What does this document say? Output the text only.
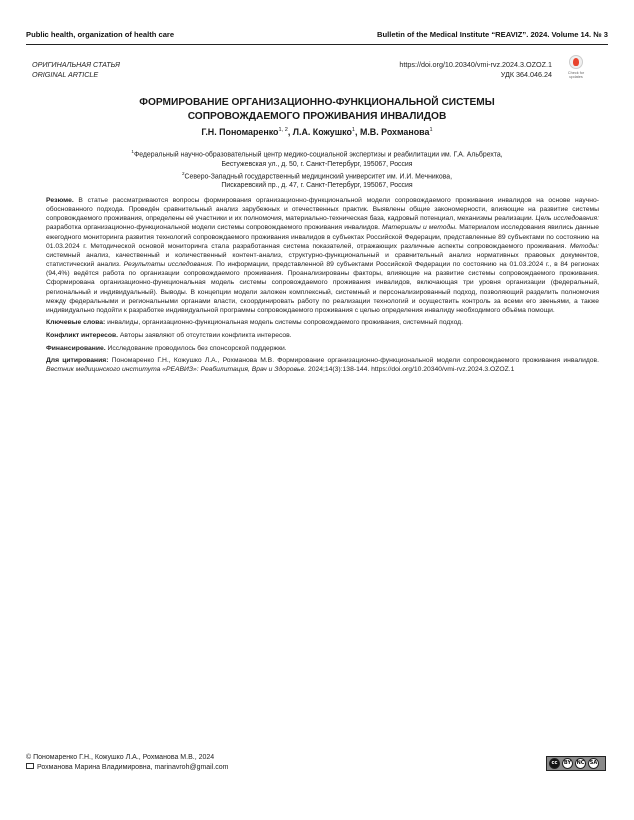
Public health, organization of health care	Bulletin of the Medical Institute “REAVIZ”. 2024. Volume 14. № 3
ОРИГИНАЛЬНАЯ СТАТЬЯ
ORIGINAL ARTICLE
https://doi.org/10.20340/vmi-rvz.2024.3.OZOZ.1
УДК 364.046.24	Check for
updates
ФОРМИРОВАНИЕ ОРГАНИЗАЦИОННО-ФУНКЦИОНАЛЬНОЙ СИСТЕМЫ
СОПРОВОЖДАЕМОГО ПРОЖИВАНИЯ ИНВАЛИДОВ
Г.Н. Пономаренко$^{1, 2}$, Л.А. Кожушко$^1$, М.В. Рохманова$^1$
$^1$Федеральный научно-образовательный центр медико-социальной экспертизы и реабилитации им. Г.А. Альбрехта,
Бестужевская ул., д. 50, г. Санкт-Петербург, 195067, Россия
$^2$Северо-Западный государственный медицинский университет им. И.И. Мечникова,
Пискаревский пр., д. 47, г. Санкт-Петербург, 195067, Россия

Резюме. В статье рассматриваются вопросы формирования организационно-функциональной модели сопровождаемого проживания инвалидов на основе научно-обоснованного подхода. Проведён сравнительный анализ зарубежных и отечественных практик. Выявлены общие закономерности, влияющие на развитие системы сопровождаемого проживания, определены её участники и их полномочия, материально-техническая база, кадровый потенциал, механизмы реализации. Цель исследования: разработка организационно-функциональной модели системы сопровождаемого проживания инвалидов. Материалы и методы. Материалом исследования явились данные ежегодного мониторинга развития технологий сопровождаемого проживания инвалидов в субъектах Российской Федерации, представленные 89 субъектами по состоянию на 01.03.2024 г. Методической основой мониторинга стала разработанная система показателей, отражающих различные аспекты сопровождаемого проживания. Методы: системный анализ, качественный и количественный контент-анализ, структурно-функциональный и сравнительный анализ нормативных правовых документов, статистический анализ. Результаты исследования. По информации, представленной 89 субъектами Российской Федерации по состоянию на 01.03.2024 г., в 84 регионах (94,4%) ведётся работа по организации сопровождаемого проживания. Проанализированы факторы, влияющие на развитие системы сопровождаемого проживания. Сформирована организационно-функциональная модель системы сопровождаемого проживания инвалидов, включающая три уровня организации (федеральный, региональный и индивидуальный). Выводы. В концепции модели заложен комплексный, системный и персонализированный подход, позволяющий разделить полномочия между федеральными и региональными органами власти, скоординировать работу по реализации технологий и осуществить контроль за всеми его звеньями, а также индивидуально подойти к разработке индивидуальной программы сопровождаемого проживания с целью определения инвалиду необходимого объёма помощи.

Ключевые слова: инвалиды, организационно-функциональная модель системы сопровождаемого проживания, системный подход.

Конфликт интересов. Авторы заявляют об отсутствии конфликта интересов.

Финансирование. Исследование проводилось без спонсорской поддержки.

Для цитирования: Пономаренко Г.Н., Кожушко Л.А., Рохманова М.В. Формирование организационно-функциональной модели сопровождаемого проживания инвалидов. Вестник медицинского института «РЕАВИЗ»: Реабилитация, Врач и Здоровье. 2024;14(3):138-144. https://doi.org/10.20340/vmi-rvz.2024.3.OZOZ.1

© Пономаренко Г.Н., Кожушко Л.А., Рохманова М.В., 2024
Рохманова Марина Владимировна, marinavroh@gmail.com
cc	BY	NC	SA
